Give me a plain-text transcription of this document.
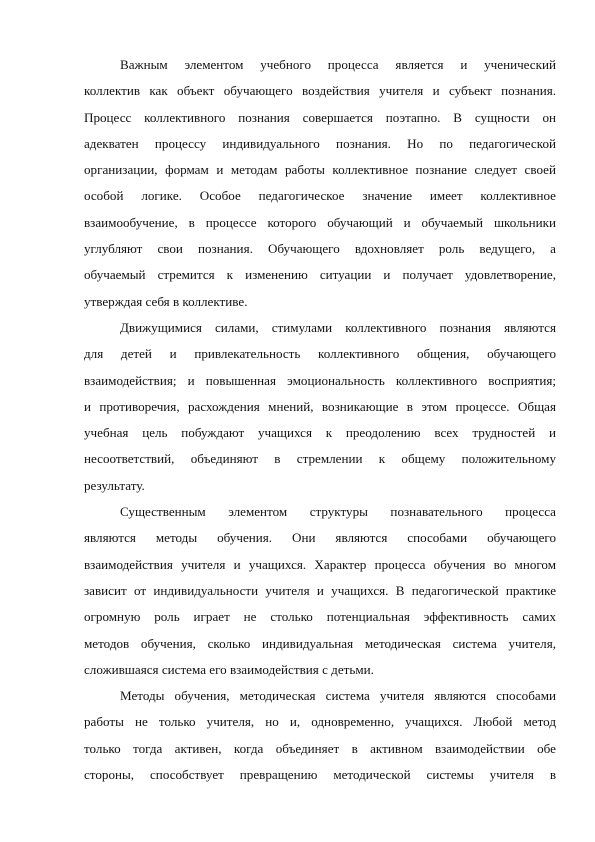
Важным элементом учебного процесса является и ученический
коллектив как объект обучающего воздействия учителя и субъект познания.
Процесс коллективного познания совершается поэтапно. В сущности он
адекватен процессу индивидуального познания. Но по педагогической
организации, формам и методам работы коллективное познание следует своей
особой логике. Особое педагогическое значение имеет коллективное
взаимообучение, в процессе которого обучающий и обучаемый школьники
углубляют свои познания. Обучающего вдохновляет роль ведущего, а
обучаемый стремится к изменению ситуации и получает удовлетворение,
утверждая себя в коллективе.
Движущимися силами, стимулами коллективного познания являются
для детей и привлекательность коллективного общения, обучающего
взаимодействия; и повышенная эмоциональность коллективного восприятия;
и противоречия, расхождения мнений, возникающие в этом процессе. Общая
учебная цель побуждают учащихся к преодолению всех трудностей и
несоответствий, объединяют в стремлении к общему положительному
результату.
Существенным элементом структуры познавательного процесса
являются методы обучения. Они являются способами обучающего
взаимодействия учителя и учащихся. Характер процесса обучения во многом
зависит от индивидуальности учителя и учащихся. В педагогической практике
огромную роль играет не столько потенциальная эффективность самих
методов обучения, сколько индивидуальная методическая система учителя,
сложившаяся система его взаимодействия с детьми.
Методы обучения, методическая система учителя являются способами
работы не только учителя, но и, одновременно, учащихся. Любой метод
только тогда активен, когда объединяет в активном взаимодействии обе
стороны, способствует превращению методической системы учителя в
